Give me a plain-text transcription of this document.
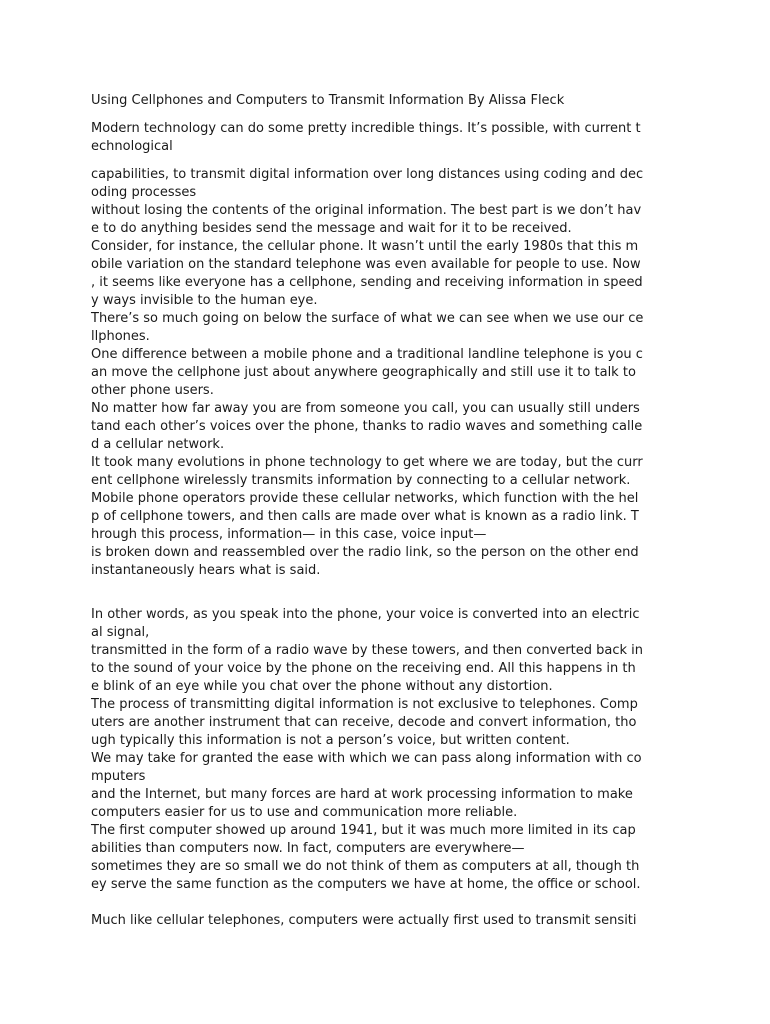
Using Cellphones and Computers to Transmit Information By Alissa Fleck

Modern technology can do some pretty incredible things. It’s possible, with current t
echnological

capabilities, to transmit digital information over long distances using coding and dec
oding processes
without losing the contents of the original information. The best part is we don’t hav
e to do anything besides send the message and wait for it to be received.
Consider, for instance, the cellular phone. It wasn’t until the early 1980s that this m
obile variation on the standard telephone was even available for people to use. Now
, it seems like everyone has a cellphone, sending and receiving information in speed
y ways invisible to the human eye.
There’s so much going on below the surface of what we can see when we use our ce
llphones.
One difference between a mobile phone and a traditional landline telephone is you c
an move the cellphone just about anywhere geographically and still use it to talk to
other phone users.
No matter how far away you are from someone you call, you can usually still unders
tand each other’s voices over the phone, thanks to radio waves and something calle
d a cellular network.
It took many evolutions in phone technology to get where we are today, but the curr
ent cellphone wirelessly transmits information by connecting to a cellular network.
Mobile phone operators provide these cellular networks, which function with the hel
p of cellphone towers, and then calls are made over what is known as a radio link. T
hrough this process, information— in this case, voice input—
is broken down and reassembled over the radio link, so the person on the other end
instantaneously hears what is said.

In other words, as you speak into the phone, your voice is converted into an electric
al signal,
transmitted in the form of a radio wave by these towers, and then converted back in
to the sound of your voice by the phone on the receiving end. All this happens in th
e blink of an eye while you chat over the phone without any distortion.
The process of transmitting digital information is not exclusive to telephones. Comp
uters are another instrument that can receive, decode and convert information, tho
ugh typically this information is not a person’s voice, but written content.
We may take for granted the ease with which we can pass along information with co
mputers
and the Internet, but many forces are hard at work processing information to make
computers easier for us to use and communication more reliable.
The first computer showed up around 1941, but it was much more limited in its cap
abilities than computers now. In fact, computers are everywhere—
sometimes they are so small we do not think of them as computers at all, though th
ey serve the same function as the computers we have at home, the office or school.

Much like cellular telephones, computers were actually first used to transmit sensiti
